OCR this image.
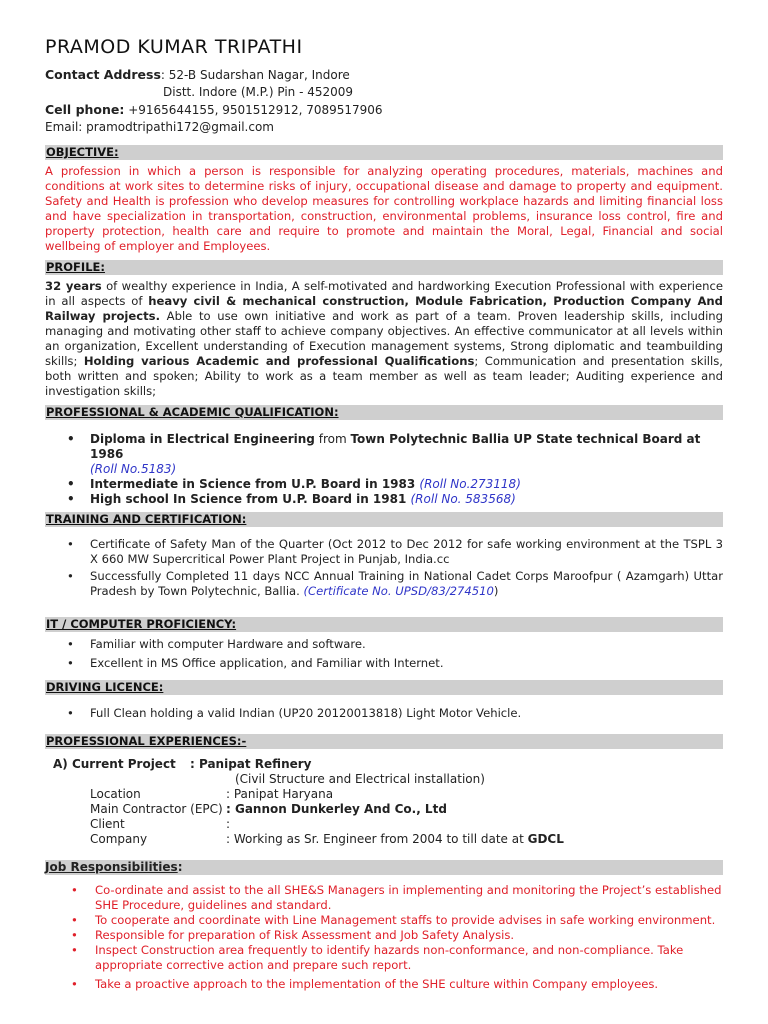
PRAMOD KUMAR TRIPATHI
Contact Address: 52-B Sudarshan Nagar, Indore
Distt. Indore (M.P.) Pin - 452009
Cell phone: +9165644155, 9501512912, 7089517906
Email: pramodtripathi172@gmail.com
OBJECTIVE:
A profession in which a person is responsible for analyzing operating procedures, materials, machines and conditions at work sites to determine risks of injury, occupational disease and damage to property and equipment. Safety and Health is profession who develop measures for controlling workplace hazards and limiting financial loss and have specialization in transportation, construction, environmental problems, insurance loss control, fire and property protection, health care and require to promote and maintain the Moral, Legal, Financial and social wellbeing of employer and Employees.
PROFILE:
32 years of wealthy experience in India, A self-motivated and hardworking Execution Professional with experience in all aspects of heavy civil & mechanical construction, Module Fabrication, Production Company And Railway projects. Able to use own initiative and work as part of a team. Proven leadership skills, including managing and motivating other staff to achieve company objectives. An effective communicator at all levels within an organization, Excellent understanding of Execution management systems, Strong diplomatic and teambuilding skills; Holding various Academic and professional Qualifications; Communication and presentation skills, both written and spoken; Ability to work as a team member as well as team leader; Auditing experience and investigation skills;
PROFESSIONAL & ACADEMIC QUALIFICATION:
• Diploma in Electrical Engineering from Town Polytechnic Ballia UP State technical Board at 1986
(Roll No.5183)
• Intermediate in Science from U.P. Board in 1983 (Roll No.273118)
• High school In Science from U.P. Board in 1981 (Roll No. 583568)
TRAINING AND CERTIFICATION:
• Certificate of Safety Man of the Quarter (Oct 2012 to Dec 2012 for safe working environment at the TSPL 3 X 660 MW Supercritical Power Plant Project in Punjab, India.cc
• Successfully Completed 11 days NCC Annual Training in National Cadet Corps Maroofpur ( Azamgarh) Uttar Pradesh by Town Polytechnic, Ballia. (Certificate No. UPSD/83/274510)
IT / COMPUTER PROFICIENCY:
• Familiar with computer Hardware and software.
• Excellent in MS Office application, and Familiar with Internet.
DRIVING LICENCE:
• Full Clean holding a valid Indian (UP20 20120013818) Light Motor Vehicle.
PROFESSIONAL EXPERIENCES:-
A) Current Project	: Panipat Refinery
(Civil Structure and Electrical installation)
Location	: Panipat Haryana
Main Contractor (EPC) : Gannon Dunkerley And Co., Ltd
Client	:
Company	: Working as Sr. Engineer from 2004 to till date at GDCL
Job Responsibilities:
• Co-ordinate and assist to the all SHE&S Managers in implementing and monitoring the Project’s established SHE Procedure, guidelines and standard.
• To cooperate and coordinate with Line Management staffs to provide advises in safe working environment.
• Responsible for preparation of Risk Assessment and Job Safety Analysis.
• Inspect Construction area frequently to identify hazards non-conformance, and non-compliance. Take appropriate corrective action and prepare such report.
• Take a proactive approach to the implementation of the SHE culture within Company employees.
